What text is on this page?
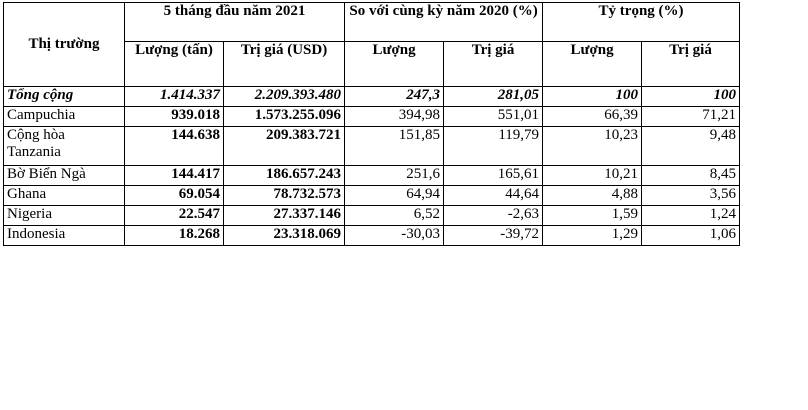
Thị trường	5 tháng đầu năm 2021		So với cùng kỳ năm 2020 (%)		Tỷ trọng (%)	
	Lượng (tấn)	Trị giá (USD)	Lượng	Trị giá	Lượng	Trị giá
Tổng cộng	1.414.337	2.209.393.480	247,3	281,05	100	100
Campuchia	939.018	1.573.255.096	394,98	551,01	66,39	71,21
Cộng hòa Tanzania	144.638	209.383.721	151,85	119,79	10,23	9,48
Bờ Biển Ngà	144.417	186.657.243	251,6	165,61	10,21	8,45
Ghana	69.054	78.732.573	64,94	44,64	4,88	3,56
Nigeria	22.547	27.337.146	6,52	-2,63	1,59	1,24
Indonesia	18.268	23.318.069	-30,03	-39,72	1,29	1,06
